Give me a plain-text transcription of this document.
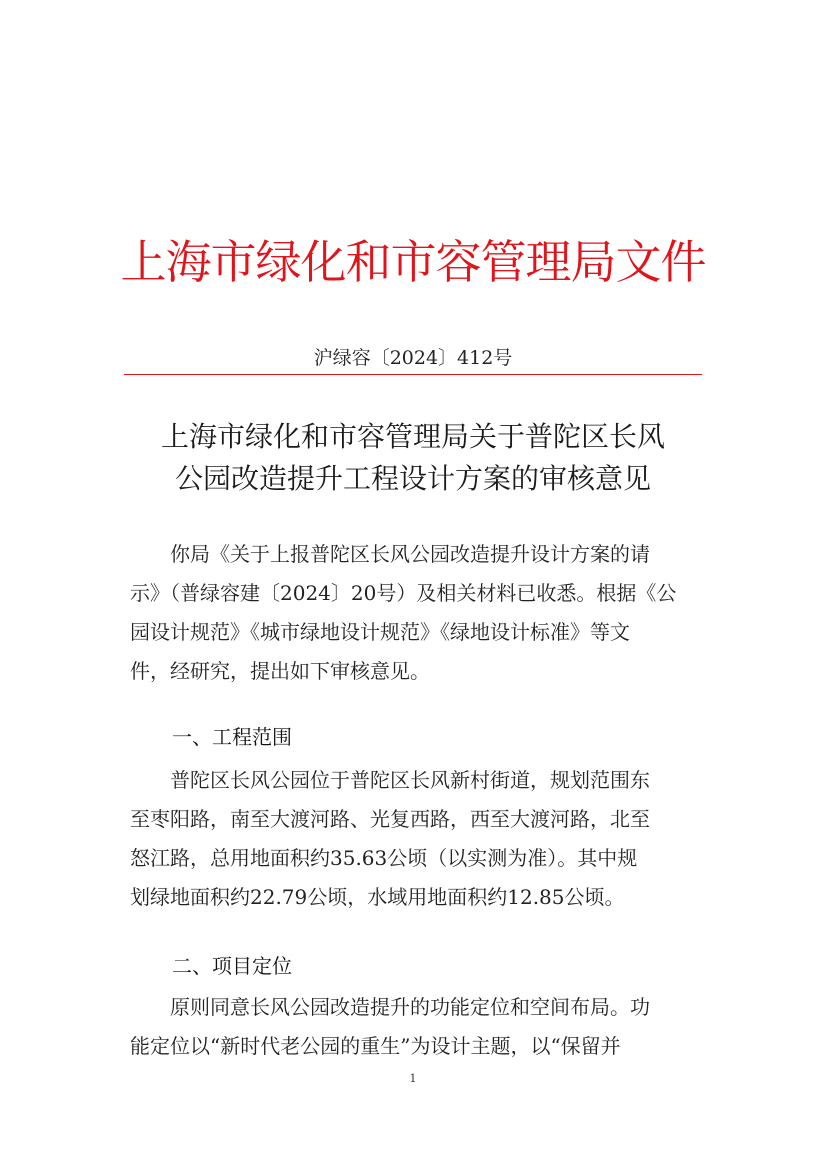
上海市绿化和市容管理局文件
沪绿容〔2024〕412号
上海市绿化和市容管理局关于普陀区长风
公园改造提升工程设计方案的审核意见
　　你局《关于上报普陀区长风公园改造提升设计方案的请
示》（普绿容建〔2024〕20号）及相关材料已收悉。根据《公
园设计规范》《城市绿地设计规范》《绿地设计标准》等文
件，经研究，提出如下审核意见。
一、工程范围
　　普陀区长风公园位于普陀区长风新村街道，规划范围东
至枣阳路，南至大渡河路、光复西路，西至大渡河路，北至
怒江路，总用地面积约35.63公顷（以实测为准）。其中规
划绿地面积约22.79公顷，水域用地面积约12.85公顷。
二、项目定位
　　原则同意长风公园改造提升的功能定位和空间布局。功
能定位以“新时代老公园的重生”为设计主题，以“保留并
1
